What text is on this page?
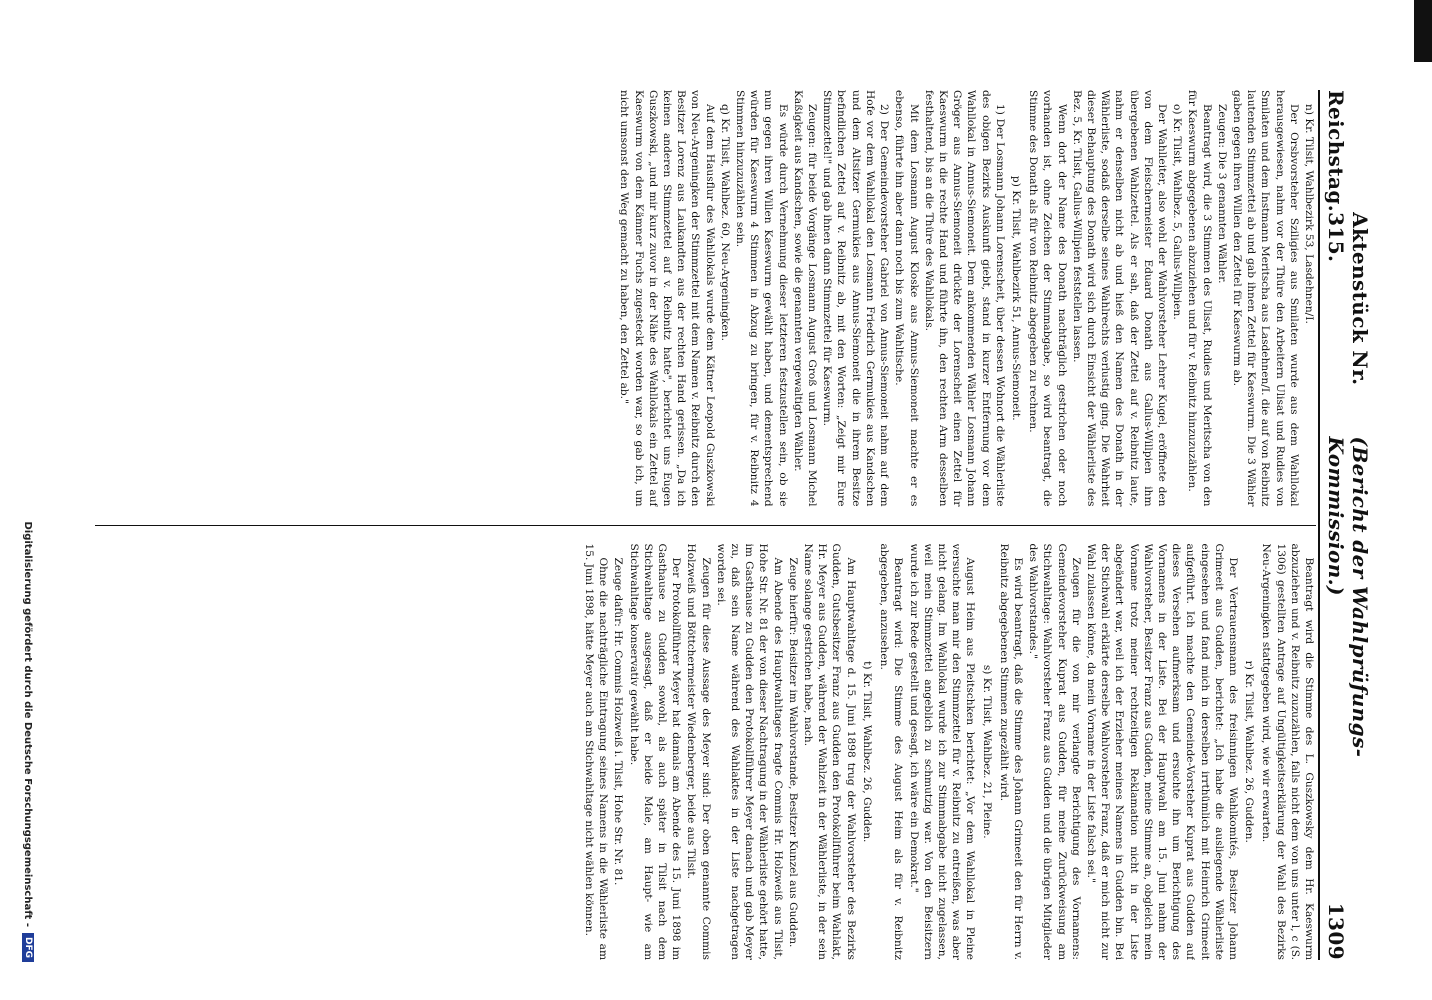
Reichstag.
Aktenstück Nr. 315.
(Bericht der Wahlprüfungs-Kommission.)
1309

n) Kr. Tilsit, Wahlbezirk 53, Lasdehnen/I.

Der Orsbvorsteher Sziligies aus Smilaten wurde aus dem Wahllokal herausgewiesen, nahm vor der Thüre den Arbeitern Ulisat und Rudies von Smilaten und dem Instmann Meritscha aus Lasdehnen/I. die auf von Reibnitz lautenden Stimmzettel ab und gab ihnen Zettel für Kaeswurm. Die 3 Wähler gaben gegen ihren Willen den Zettel für Kaeswurm ab.

Zeugen: Die 3 genannten Wähler.

Beantragt wird, die 3 Stimmen des Ulisat, Rudies und Meritscha von den für Kaeswurm abgegebenen abzuziehen und für v. Reibnitz hinzuzuzählen.

o) Kr. Tilsit, Wahlbez. 5, Gallus-Willpien.

Der Wahlleiter, also wohl der Wahlvorsteher Lehrer Kugel, eröffnete den von dem Fleischermeister Eduard Donath aus Gallus-Willpien ihm übergebenen Wahlzettel. Als er sah, daß der Zettel auf v. Reibnitz laute, nahm er denselben nicht ab und hieß den Namen des Donath in der Wählerliste, sodaß derselbe seines Wahlrechts verlustig ging. Die Wahrheit dieser Behauptung des Donath wird sich durch Einsicht der Wählerliste des Bez. 5, Kr. Tilsit, Gallus-Willpien feststellen lassen.

Wenn dort der Name des Donath nachträglich gestrichen oder noch vorhanden ist, ohne Zeichen der Stimmabgabe, so wird beantragt, die Stimme des Donath als für von Reibnitz abgegeben zu rechnen.

p) Kr. Tilsit, Wahlbezirk 51, Annus-Siemoneit.

1) Der Losmann Johann Lorenscheit, über dessen Wohnort die Wählerliste des obigen Bezirks Auskunft giebt, stand in kurzer Entfernung vor dem Wahllokal in Annus-Siemoneit. Dem ankommenden Wähler Losmann Johann Gröger aus Annus-Siemoneit drückte der Lorenscheit einen Zettel für Kaeswurm in die rechte Hand und führte ihn, den rechten Arm desselben festhaltend, bis an die Thüre des Wahllokals.

Mit dem Losmann August Kloske aus Annus-Siemoneit machte er es ebenso, führte ihn aber dann noch bis zum Wahltische.

2) Der Gemeindevorsteher Gabriel von Annus-Siemoneit nahm auf dem Hofe vor dem Wahllokal den Losmann Friedrich Germukies aus Kandschen und dem Altsitzer Germukies aus Annus-Siemoneit die in ihrem Besitze befindlichen Zettel auf v. Reibnitz ab, mit den Worten: „Zeigt mir Eure Stimmzettel!" und gab ihnen dann Stimmzettel für Kaeswurm.

Zeugen: für beide Vorgänge Losmann August Groß und Losmann Michel Kaßigkeit aus Kandschen, sowie die genannten vergewaltigten Wähler.

Es würde durch Vernehmung dieser letzteren festzustellen sein, ob sie nun gegen ihren Willen Kaeswurm gewählt haben, und dementsprechend würden für Kaeswurm 4 Stimmen in Abzug zu bringen, für v. Reibnitz 4 Stimmen hinzuzuzählen sein.

q) Kr. Tilsit, Wahlbez. 60, Neu-Argeningken.

Auf dem Hausflur des Wahllokals wurde dem Kätner Leopold Guszkowski von Neu-Argeningken der Stimmzettel mit dem Namen v. Reibnitz durch den Besitzer Lorenz aus Laukandten aus der rechten Hand gerissen. „Da ich keinen anderen Stimmzettel auf v. Reibnitz hatte", berichtet uns Eugen Guszkowski, „und mir kurz zuvor in der Nähe des Wahllokals ein Zettel auf Kaeswurm von dem Kämner Fuchs zugesteckt worden war, so gab ich, um nicht umsonst den Weg gemacht zu haben, den Zettel ab."

Beantragt wird die Stimme des L. Guszkowsky dem Hr. Kaeswurm abzuziehen und v. Reibnitz zuzuzählen, falls nicht dem von uns unter l, c (S. 1306) gestellten Antrage auf Ungültigkeitserklärung der Wahl des Bezirks Neu-Argeningken stattgegeben wird, wie wir erwarten.

r) Kr. Tilsit, Wahlbez. 26, Gudden.

Der Vertrauensmann des freisinnigen Wahlkomités, Besitzer Johann Grimeeit aus Gudden, berichtet: „Ich habe die ausliegende Wählerliste eingesehen und fand mich in derselben irrthümlich mit Heinrich Grimeeit aufgeführt. Ich machte den Gemeinde-Vorsteher Kuprat aus Gudden auf dieses Versehen aufmerksam und ersuchte ihn um Berichtigung des Vornamens in der Liste. Bei der Hauptwahl am 15. Juni nahm der Wahlvorsteher, Besitzer Franz aus Gudden, meine Stimme an, obgleich mein Vorname trotz meiner rechtzeitigen Reklamation nicht in der Liste abgeändert war, weil ich der Erzieher meines Namens in Gudden bin. Bei der Stichwahl erklärte derselbe Wahlvorsteher Franz, daß er mich nicht zur Wahl zulassen könne, da mein Vorname in der Liste falsch sei."

Zeugen für die von mir verlangte Berichtigung des Vornamens: Gemeindevorsteher Kuprat aus Gudden, für meine Zurückweisung am Stichwahltage: Wahlvorsteher Franz aus Gudden und die übrigen Mitglieder des Wahlvorstandes."

Es wird beantragt, daß die Stimme des Johann Grimeeit den für Herrn v. Reibnitz abgegebenen Stimmen zugezählt wird.

s) Kr. Tilsit, Wahlbez. 21, Pleine.

August Heim aus Pleitschken berichtet: „Vor dem Wahllokal in Pleine versuchte man mir den Stimmzettel für v. Reibnitz zu entreißen, was aber nicht gelang. Im Wahllokal wurde ich zur Stimmabgabe nicht zugelassen, weil mein Stimmzettel angeblich zu schmutzig war. Von den Beisitzern wurde ich zur Rede gestellt und gesagt, ich wäre ein Demokrat."

Beantragt wird: Die Stimme des August Heim als für v. Reibnitz abgegeben, anzusehen.

t) Kr. Tilsit, Wahlbez. 26, Gudden.

Am Hauptwahltage d. 15. Juni 1898 trug der Wahlvorsteher des Bezirks Gudden, Gutsbesitzer Franz aus Gudden den Protokollführer beim Wahlakt, Hr. Meyer aus Gudden, während der Wahlzeit in der Wählerliste, in der sein Name solange gestrichen habe, nach.

Zeuge hierfür: Beisitzer im Wahlvorstande, Besitzer Kunzel aus Gudden.

Am Abende des Hauptwahltages fragte Commis Hr. Holzweiß aus Tilsit, Hohe Str. Nr. 81 der von dieser Nachtragung in der Wählerliste gehört hatte, im Gasthause zu Gudden den Protokollführer Meyer danach und gab Meyer zu, daß sein Name während des Wahlaktes in der Liste nachgetragen worden sei.

Zeugen für diese Aussage des Meyer sind: Der oben genannte Commis Holzweiß und Böttchermeister Wiedenberger, beide aus Tilsit.

Der Protokollführer Meyer hat damals am Abende des 15. Juni 1898 im Gasthause zu Gudden sowohl, als auch später in Tilsit nach dem Stichwahltage ausgesagt, daß er beide Male, am Haupt- wie am Stichwahltage konservativ gewählt habe.

Zeuge dafür: Hr. Commis Holzweiß i. Tilsit, Hohe Str. Nr. 81.

Ohne die nachträgliche Eintragung seines Namens in die Wählerliste am 15. Juni 1898, hätte Meyer auch am Stichwahltage nicht wählen können.

Digitalisierung gefördert durch die Deutsche Forschungsgemeinschaft -
DFG
